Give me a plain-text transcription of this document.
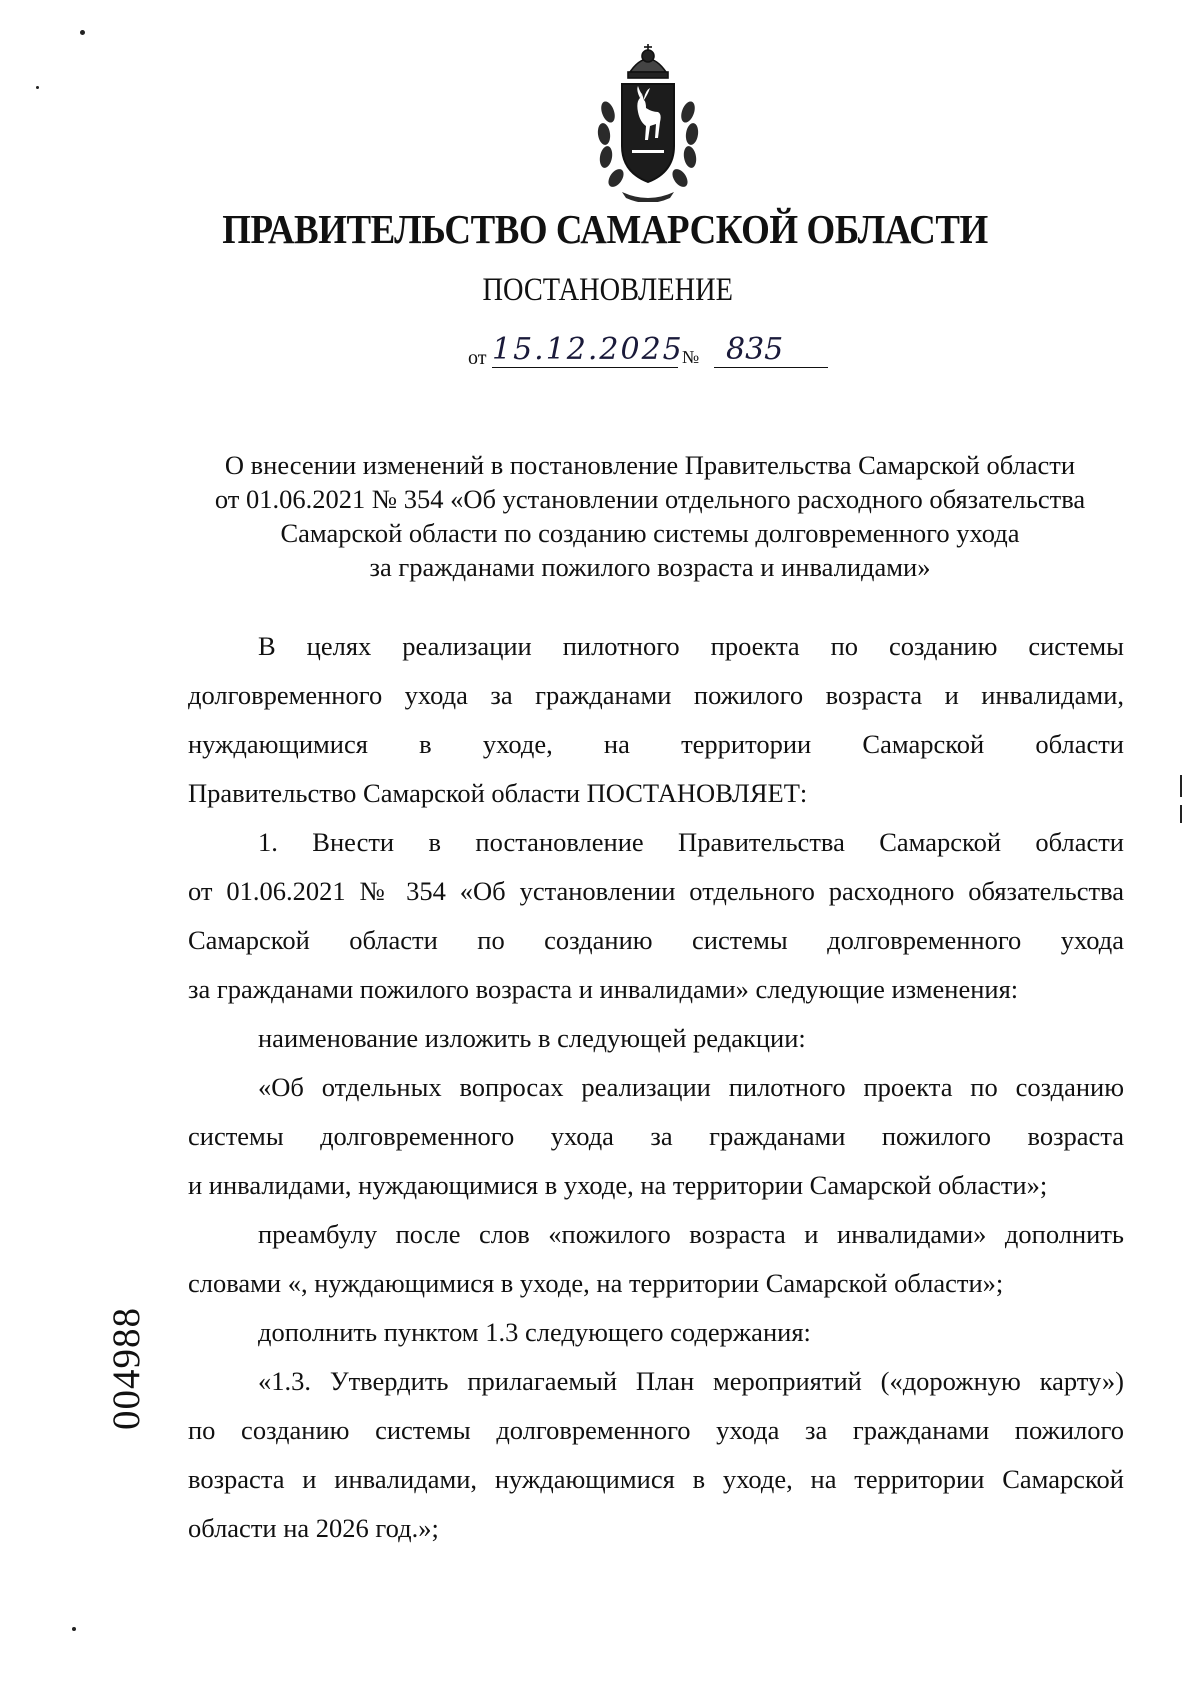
ПРАВИТЕЛЬСТВО САМАРСКОЙ ОБЛАСТИ
ПОСТАНОВЛЕНИЕ
от 15.12.2025
№ 835
О внесении изменений в постановление Правительства Самарской области
от 01.06.2021 № 354 «Об установлении отдельного расходного обязательства
Самарской области по созданию системы долговременного ухода
за гражданами пожилого возраста и инвалидами»
В целях реализации пилотного проекта по созданию системы
долговременного ухода за гражданами пожилого возраста и инвалидами,
нуждающимися в уходе, на территории Самарской области
Правительство Самарской области ПОСТАНОВЛЯЕТ:
1. Внести в постановление Правительства Самарской области
от 01.06.2021 № 354 «Об установлении отдельного расходного обязательства
Самарской области по созданию системы долговременного ухода
за гражданами пожилого возраста и инвалидами» следующие изменения:
наименование изложить в следующей редакции:
«Об отдельных вопросах реализации пилотного проекта по созданию
системы долговременного ухода за гражданами пожилого возраста
и инвалидами, нуждающимися в уходе, на территории Самарской области»;
преамбулу после слов «пожилого возраста и инвалидами» дополнить
словами «, нуждающимися в уходе, на территории Самарской области»;
дополнить пунктом 1.3 следующего содержания:
«1.3. Утвердить прилагаемый План мероприятий («дорожную карту»)
по созданию системы долговременного ухода за гражданами пожилого
возраста и инвалидами, нуждающимися в уходе, на территории Самарской
области на 2026 год.»;
004988
